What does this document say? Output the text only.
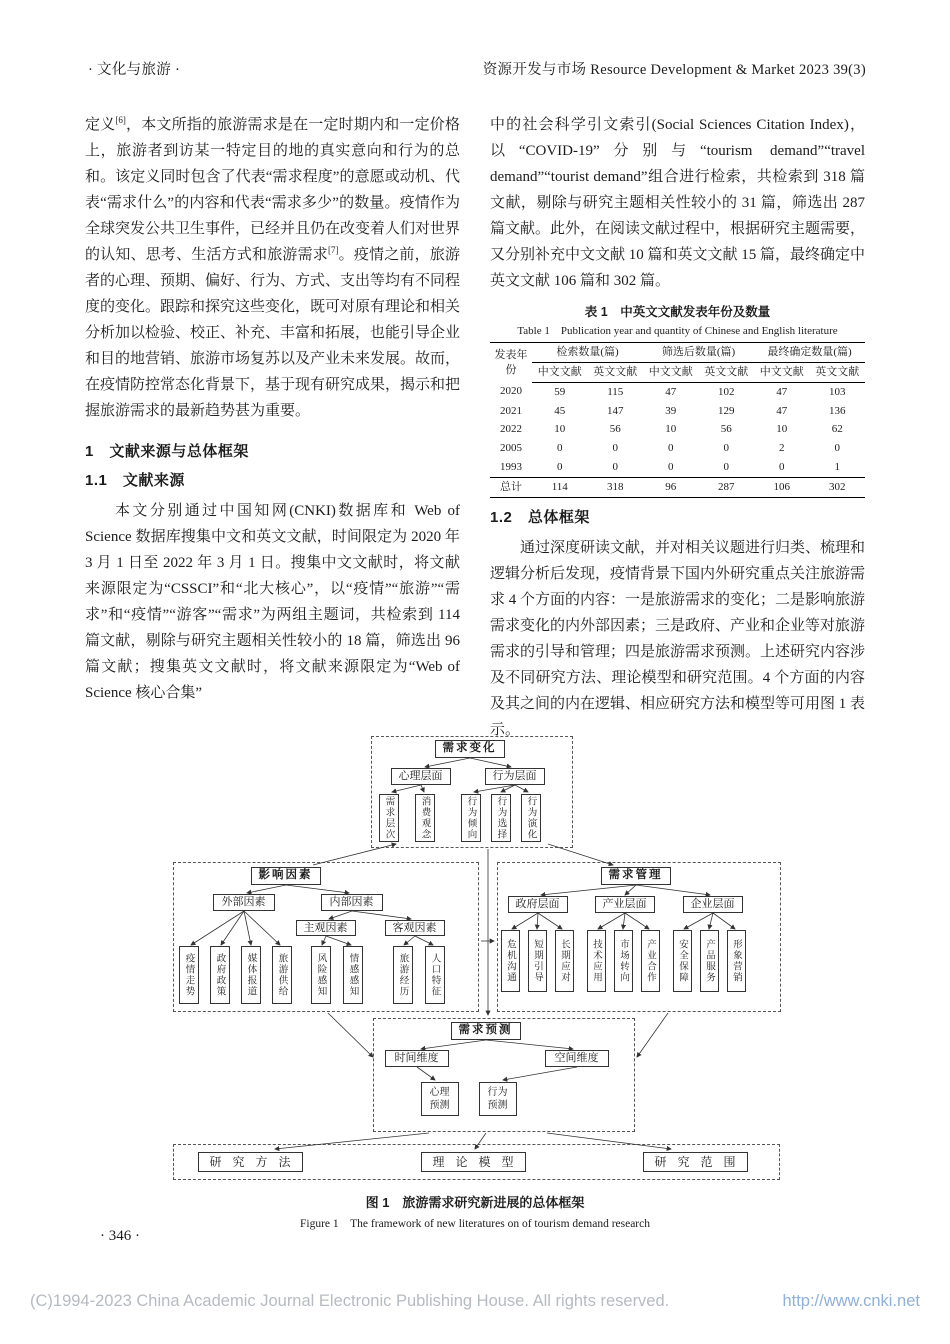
· 文化与旅游 ·	资源开发与市场 Resource Development & Market 2023 39(3)

定义[6]，本文所指的旅游需求是在一定时期内和一定价格上，旅游者到访某一特定目的地的真实意向和行为的总和。该定义同时包含了代表“需求程度”的意愿或动机、代表“需求什么”的内容和代表“需求多少”的数量。疫情作为全球突发公共卫生事件，已经并且仍在改变着人们对世界的认知、思考、生活方式和旅游需求[7]。疫情之前，旅游者的心理、预期、偏好、行为、方式、支出等均有不同程度的变化。跟踪和探究这些变化，既可对原有理论和相关分析加以检验、校正、补充、丰富和拓展，也能引导企业和目的地营销、旅游市场复苏以及产业未来发展。故而，在疫情防控常态化背景下，基于现有研究成果，揭示和把握旅游需求的最新趋势甚为重要。

1　文献来源与总体框架
1.1　文献来源

本文分别通过中国知网(CNKI)数据库和 Web of Science 数据库搜集中文和英文文献，时间限定为 2020 年 3 月 1 日至 2022 年 3 月 1 日。搜集中文文献时，将文献来源限定为“CSSCI”和“北大核心”，以“疫情”“旅游”“需求”和“疫情”“游客”“需求”为两组主题词，共检索到 114 篇文献，剔除与研究主题相关性较小的 18 篇，筛选出 96 篇文献；搜集英文文献时，将文献来源限定为“Web of Science 核心合集”

中的社会科学引文索引(Social Sciences Citation Index)，以“COVID-19”分别与“tourism demand”“travel demand”“tourist demand”组合进行检索，共检索到 318 篇文献，剔除与研究主题相关性较小的 31 篇，筛选出 287 篇文献。此外，在阅读文献过程中，根据研究主题需要，又分别补充中文文献 10 篇和英文文献 15 篇，最终确定中英文文献 106 篇和 302 篇。

表 1　中英文文献发表年份及数量
Table 1　Publication year and quantity of Chinese and English literature
发表年份	检索数量(篇)		筛选后数量(篇)		最终确定数量(篇)	
	中文文献	英文文献	中文文献	英文文献	中文文献	英文文献
2020	59	115	47	102	47	103
2021	45	147	39	129	47	136
2022	10	56	10	56	10	62
2005	0	0	0	0	2	0
1993	0	0	0	0	0	1
总计	114	318	96	287	106	302
1.2　总体框架

通过深度研读文献，并对相关议题进行归类、梳理和逻辑分析后发现，疫情背景下国内外研究重点关注旅游需求 4 个方面的内容：一是旅游需求的变化；二是影响旅游需求变化的内外部因素；三是政府、产业和企业等对旅游需求的引导和管理；四是旅游需求预测。上述研究内容涉及不同研究方法、理论模型和研究范围。4 个方面的内容及其之间的内在逻辑、相应研究方法和模型等可用图 1 表示。

需求变化
心理层面	行为层面
需求层次	消费观念	行为倾向	行为选择	行为演化
影响因素
外部因素	内部因素
主观因素	客观因素
疫情走势	政府政策	媒体报道	旅游供给	风险感知	情感感知	旅游经历	人口特征
需求管理
政府层面	产业层面	企业层面
危机沟通	短期引导	长期应对	技术应用	市场转向	产业合作	安全保障	产品服务	形象营销
需求预测
时间维度	空间维度
心理预测
行为预测
研究方法	理论模型	研究范围
图 1　旅游需求研究新进展的总体框架
Figure 1　The framework of new literatures on of tourism demand research
· 346 ·
(C)1994-2023 China Academic Journal Electronic Publishing House. All rights reserved.	http://www.cnki.net
